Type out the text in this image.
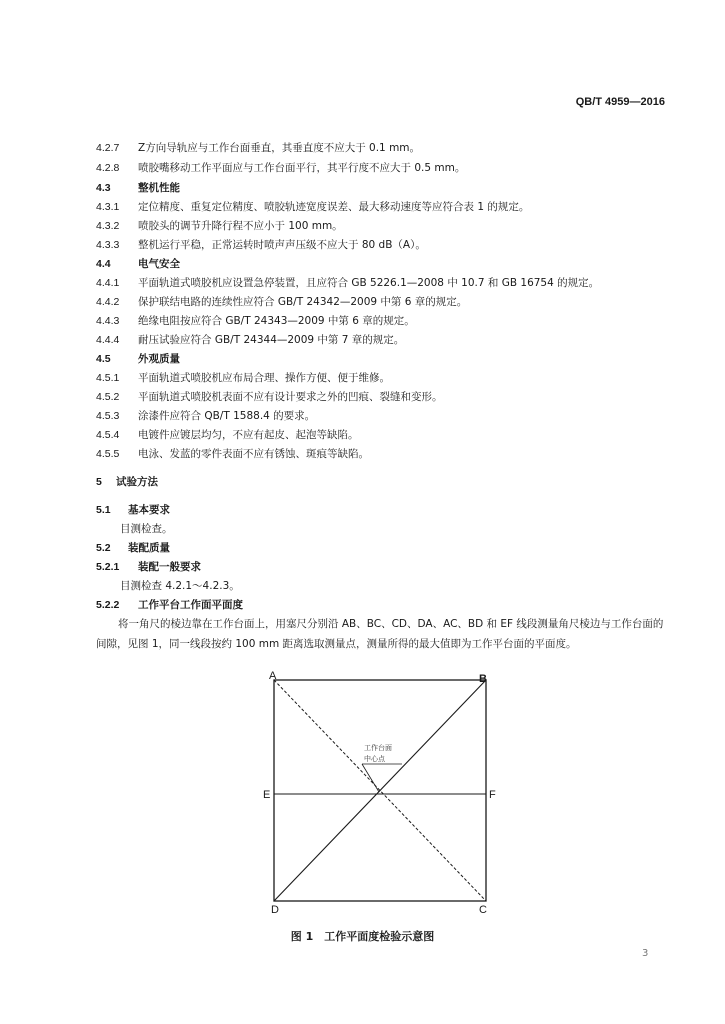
QB/T 4959—2016
4.2.7 Z方向导轨应与工作台面垂直，其垂直度不应大于 0.1 mm。
4.2.8 喷胶嘴移动工作平面应与工作台面平行，其平行度不应大于 0.5 mm。
4.3	整机性能
4.3.1 定位精度、重复定位精度、喷胶轨迹宽度误差、最大移动速度等应符合表 1 的规定。
4.3.2 喷胶头的调节升降行程不应小于 100 mm。
4.3.3 整机运行平稳，正常运转时喷声声压级不应大于 80 dB（A）。
4.4	电气安全
4.4.1 平面轨道式喷胶机应设置急停装置，且应符合 GB 5226.1—2008 中 10.7 和 GB 16754 的规定。
4.4.2 保护联结电路的连续性应符合 GB/T 24342—2009 中第 6 章的规定。
4.4.3 绝缘电阻按应符合 GB/T 24343—2009 中第 6 章的规定。
4.4.4 耐压试验应符合 GB/T 24344—2009 中第 7 章的规定。
4.5	外观质量
4.5.1 平面轨道式喷胶机应布局合理、操作方便、便于维修。
4.5.2 平面轨道式喷胶机表面不应有设计要求之外的凹痕、裂缝和变形。
4.5.3 涂漆件应符合 QB/T 1588.4 的要求。
4.5.4 电镀件应镀层均匀，不应有起皮、起泡等缺陷。
4.5.5 电泳、发蓝的零件表面不应有锈蚀、斑痕等缺陷。
5 试验方法
5.1 基本要求
目测检查。
5.2 装配质量
5.2.1 装配一般要求
目测检查 4.2.1～4.2.3。
5.2.2 工作平台工作面平面度
将一角尺的棱边靠在工作台面上，用塞尺分别沿 AB、BC、CD、DA、AC、BD 和 EF 线段测量角尺棱边与工作台面的间隙，见图 1，同一线段按约 100 mm 距离选取测量点，测量所得的最大值即为工作平台面的平面度。
工作台面
中心点
A	B
E	F
D	C
图 1　工作平面度检验示意图
3
